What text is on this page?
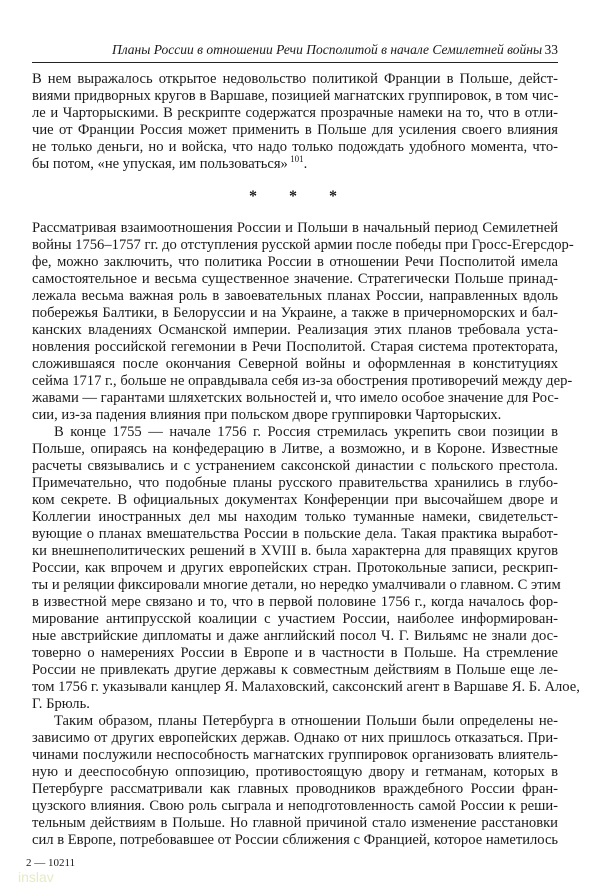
Планы России в отношении Речи Посполитой в начале Семилетней войны 33
В нем выражалось открытое недовольство политикой Франции в Польше, дейст-
виями придворных кругов в Варшаве, позицией магнатских группировок, в том чис-
ле и Чарторыскими. В рескрипте содержатся прозрачные намеки на то, что в отли-
чие от Франции Россия может применить в Польше для усиления своего влияния
не только деньги, но и войска, что надо только подождать удобного момента, что-
бы потом, «не упуская, им пользоваться» $^{101}$.
* * *
Рассматривая взаимоотношения России и Польши в начальный период Семилетней
войны 1756–1757 гг. до отступления русской армии после победы при Гросс-Егерсдор-
фе, можно заключить, что политика России в отношении Речи Посполитой имела
самостоятельное и весьма существенное значение. Стратегически Польше принад-
лежала весьма важная роль в завоевательных планах России, направленных вдоль
побережья Балтики, в Белоруссии и на Украине, а также в причерноморских и бал-
канских владениях Османской империи. Реализация этих планов требовала уста-
новления российской гегемонии в Речи Посполитой. Старая система протектората,
сложившаяся после окончания Северной войны и оформленная в конституциях
сейма 1717 г., больше не оправдывала себя из-за обострения противоречий между дер-
жавами — гарантами шляхетских вольностей и, что имело особое значение для Рос-
сии, из-за падения влияния при польском дворе группировки Чарторыских.
В конце 1755 — начале 1756 г. Россия стремилась укрепить свои позиции в
Польше, опираясь на конфедерацию в Литве, а возможно, и в Короне. Известные
расчеты связывались и с устранением саксонской династии с польского престола.
Примечательно, что подобные планы русского правительства хранились в глубо-
ком секрете. В официальных документах Конференции при высочайшем дворе и
Коллегии иностранных дел мы находим только туманные намеки, свидетельст-
вующие о планах вмешательства России в польские дела. Такая практика выработ-
ки внешнеполитических решений в XVIII в. была характерна для правящих кругов
России, как впрочем и других европейских стран. Протокольные записи, рескрип-
ты и реляции фиксировали многие детали, но нередко умалчивали о главном. С этим
в известной мере связано и то, что в первой половине 1756 г., когда началось фор-
мирование антипрусской коалиции с участием России, наиболее информирован-
ные австрийские дипломаты и даже английский посол Ч. Г. Вильямс не знали дос-
товерно о намерениях России в Европе и в частности в Польше. На стремление
России не привлекать другие державы к совместным действиям в Польше еще ле-
том 1756 г. указывали канцлер Я. Малаховский, саксонский агент в Варшаве Я. Б. Алое,
Г. Брюль.
Таким образом, планы Петербурга в отношении Польши были определены не-
зависимо от других европейских держав. Однако от них пришлось отказаться. При-
чинами послужили неспособность магнатских группировок организовать влиятель-
ную и дееспособную оппозицию, противостоящую двору и гетманам, которых в
Петербурге рассматривали как главных проводников враждебного России фран-
цузского влияния. Свою роль сыграла и неподготовленность самой России к реши-
тельным действиям в Польше. Но главной причиной стало изменение расстановки
сил в Европе, потребовавшее от России сближения с Францией, которое наметилось
2 — 10211
inslav
